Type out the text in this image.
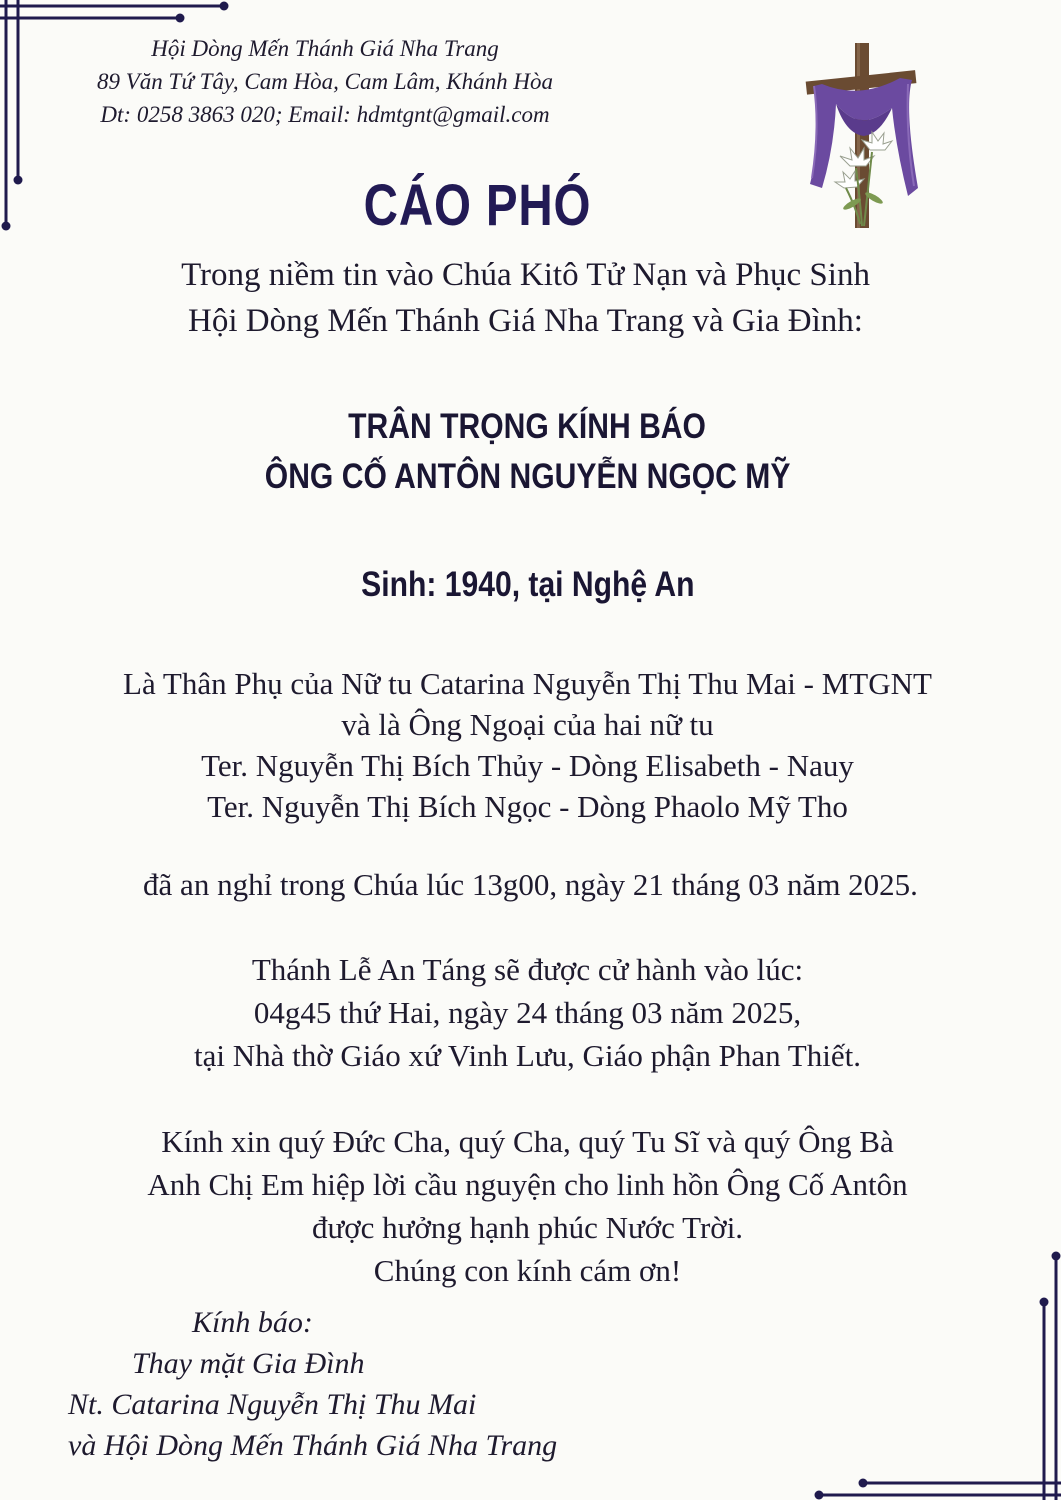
Hội Dòng Mến Thánh Giá Nha Trang
89 Văn Tứ Tây, Cam Hòa, Cam Lâm, Khánh Hòa
Dt: 0258 3863 020; Email: hdmtgnt@gmail.com
CÁO PHÓ
Trong niềm tin vào Chúa Kitô Tử Nạn và Phục Sinh
Hội Dòng Mến Thánh Giá Nha Trang và Gia Đình:
TRÂN TRỌNG KÍNH BÁO
ÔNG CỐ ANTÔN NGUYỄN NGỌC MỸ
Sinh: 1940, tại Nghệ An
Là Thân Phụ của Nữ tu Catarina Nguyễn Thị Thu Mai - MTGNT
và là Ông Ngoại của hai nữ tu
Ter. Nguyễn Thị Bích Thủy - Dòng Elisabeth - Nauy
Ter. Nguyễn Thị Bích Ngọc - Dòng Phaolo Mỹ Tho
đã an nghỉ trong Chúa lúc 13g00, ngày 21 tháng 03 năm 2025.
Thánh Lễ An Táng sẽ được cử hành vào lúc:
04g45 thứ Hai, ngày 24 tháng 03 năm 2025,
tại Nhà thờ Giáo xứ Vinh Lưu, Giáo phận Phan Thiết.
Kính xin quý Đức Cha, quý Cha, quý Tu Sĩ và quý Ông Bà
Anh Chị Em hiệp lời cầu nguyện cho linh hồn Ông Cố Antôn
được hưởng hạnh phúc Nước Trời.
Chúng con kính cám ơn!
Kính báo:
Thay mặt Gia Đình
Nt. Catarina Nguyễn Thị Thu Mai
và Hội Dòng Mến Thánh Giá Nha Trang
